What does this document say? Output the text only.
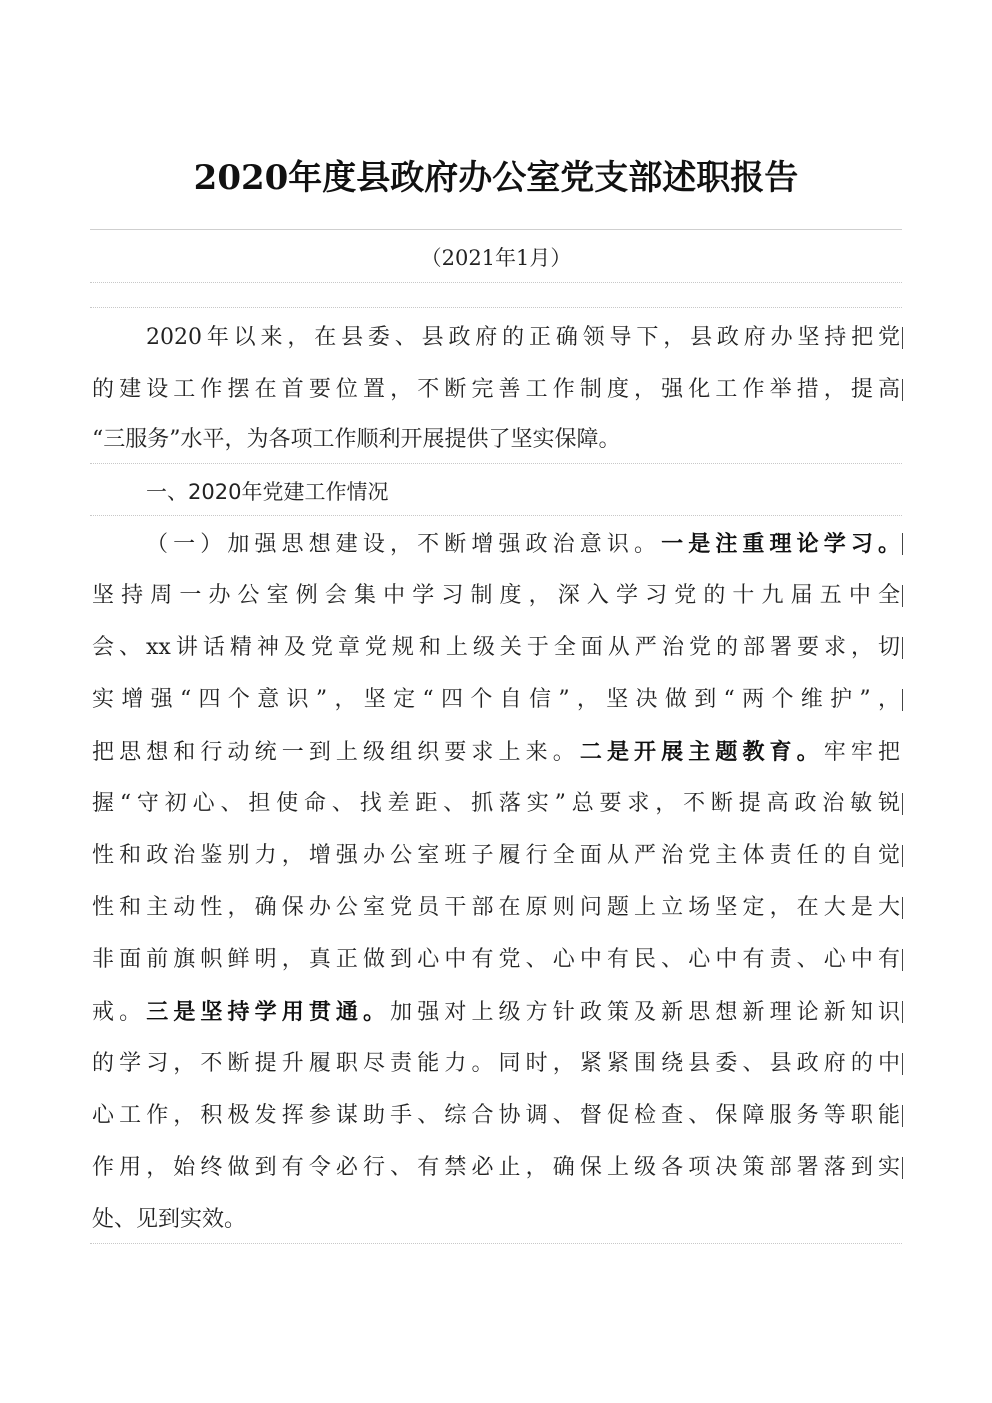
2020年度县政府办公室党支部述职报告
（2021年1月）
2020年以来，在县委、县政府的正确领导下，县政府办坚持把党
的建设工作摆在首要位置，不断完善工作制度，强化工作举措，提高
“三服务”水平，为各项工作顺利开展提供了坚实保障。
一、2020年党建工作情况
（一）加强思想建设，不断增强政治意识。一是注重理论学习。
坚持周一办公室例会集中学习制度，深入学习党的十九届五中全
会、xx讲话精神及党章党规和上级关于全面从严治党的部署要求，切
实增强“四个意识”，坚定“四个自信”，坚决做到“两个维护”，
把思想和行动统一到上级组织要求上来。二是开展主题教育。牢牢把
握“守初心、担使命、找差距、抓落实”总要求，不断提高政治敏锐
性和政治鉴别力，增强办公室班子履行全面从严治党主体责任的自觉
性和主动性，确保办公室党员干部在原则问题上立场坚定，在大是大
非面前旗帜鲜明，真正做到心中有党、心中有民、心中有责、心中有
戒。三是坚持学用贯通。加强对上级方针政策及新思想新理论新知识
的学习，不断提升履职尽责能力。同时，紧紧围绕县委、县政府的中
心工作，积极发挥参谋助手、综合协调、督促检查、保障服务等职能
作用，始终做到有令必行、有禁必止，确保上级各项决策部署落到实
处、见到实效。
